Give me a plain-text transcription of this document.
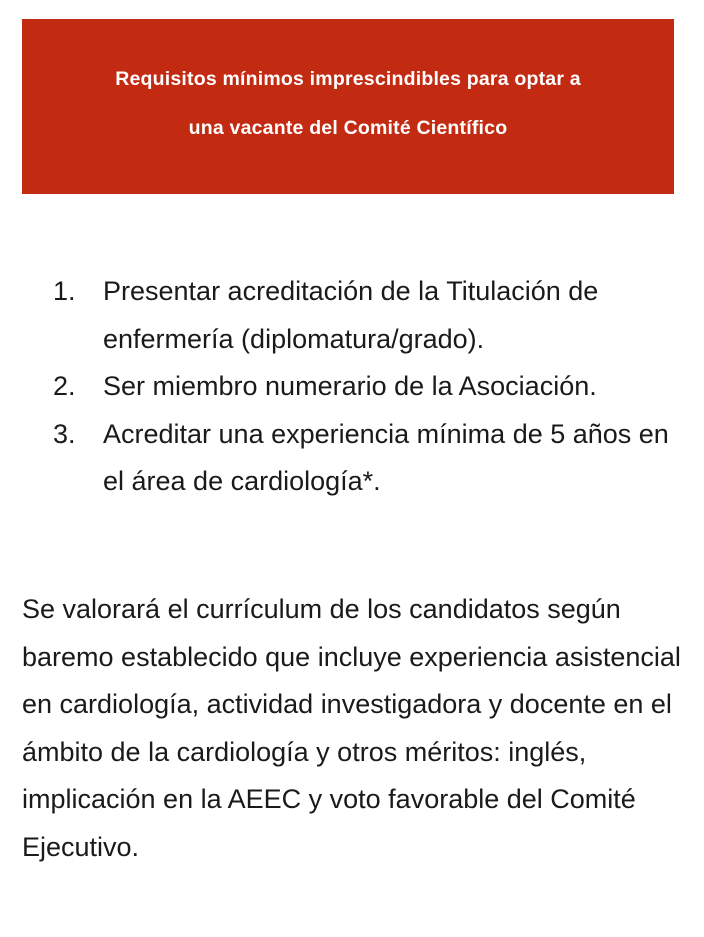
Requisitos mínimos imprescindibles para optar a
una vacante del Comité Científico
1. Presentar acreditación de la Titulación de enfermería (diplomatura/grado).
2. Ser miembro numerario de la Asociación.
3. Acreditar una experiencia mínima de 5 años en el área de cardiología*.

Se valorará el currículum de los candidatos según baremo establecido que incluye experiencia asistencial en cardiología, actividad investigadora y docente en el ámbito de la cardiología y otros méritos: inglés, implicación en la AEEC y voto favorable del Comité Ejecutivo.
